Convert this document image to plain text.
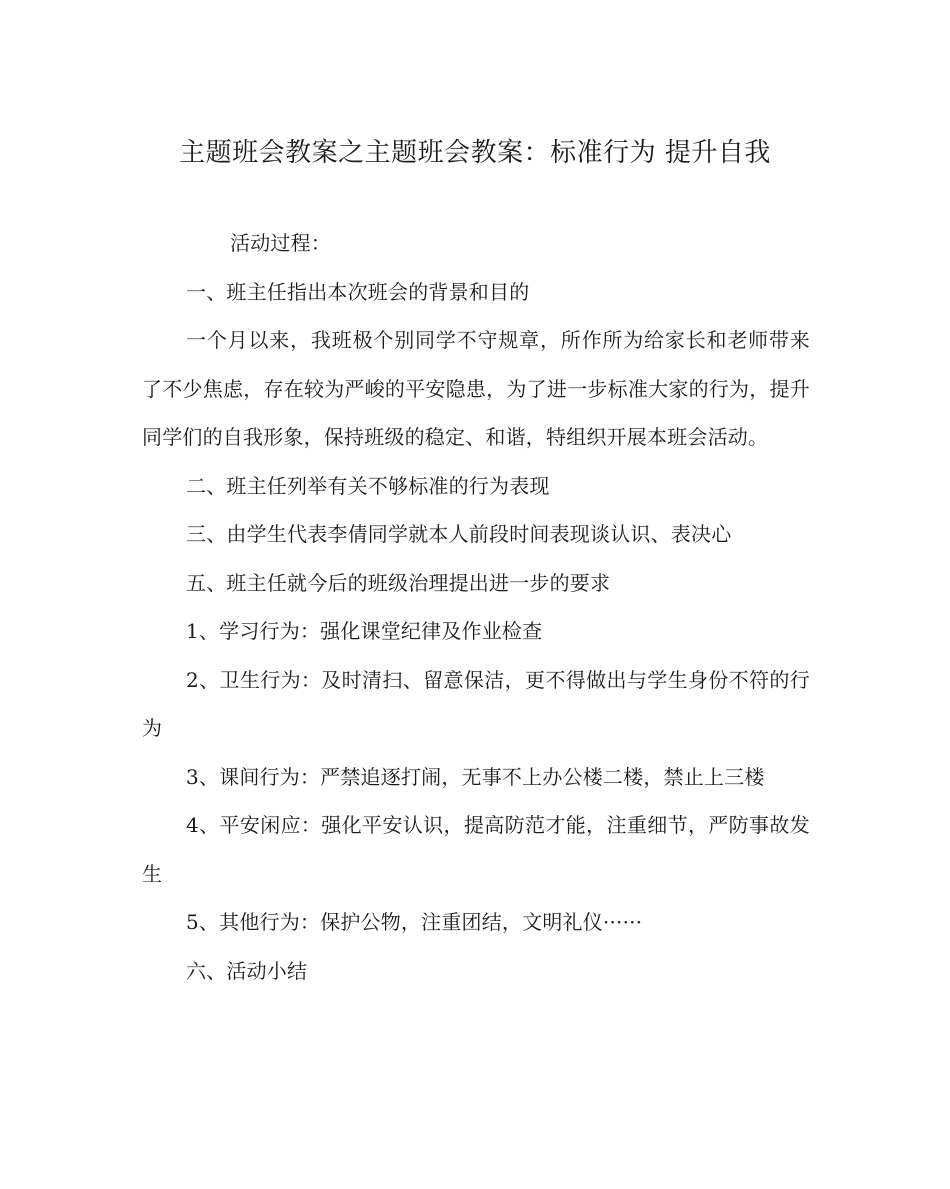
主题班会教案之主题班会教案：标准行为 提升自我

活动过程：

一、班主任指出本次班会的背景和目的

一个月以来，我班极个别同学不守规章，所作所为给家长和老师带来了不少焦虑，存在较为严峻的平安隐患，为了进一步标准大家的行为，提升同学们的自我形象，保持班级的稳定、和谐，特组织开展本班会活动。

二、班主任列举有关不够标准的行为表现

三、由学生代表李倩同学就本人前段时间表现谈认识、表决心

五、班主任就今后的班级治理提出进一步的要求

1、学习行为：强化课堂纪律及作业检查

2、卫生行为：及时清扫、留意保洁，更不得做出与学生身份不符的行为

3、课间行为：严禁追逐打闹，无事不上办公楼二楼，禁止上三楼

4、平安闲应：强化平安认识，提高防范才能，注重细节，严防事故发生

5、其他行为：保护公物，注重团结，文明礼仪······

六、活动小结
